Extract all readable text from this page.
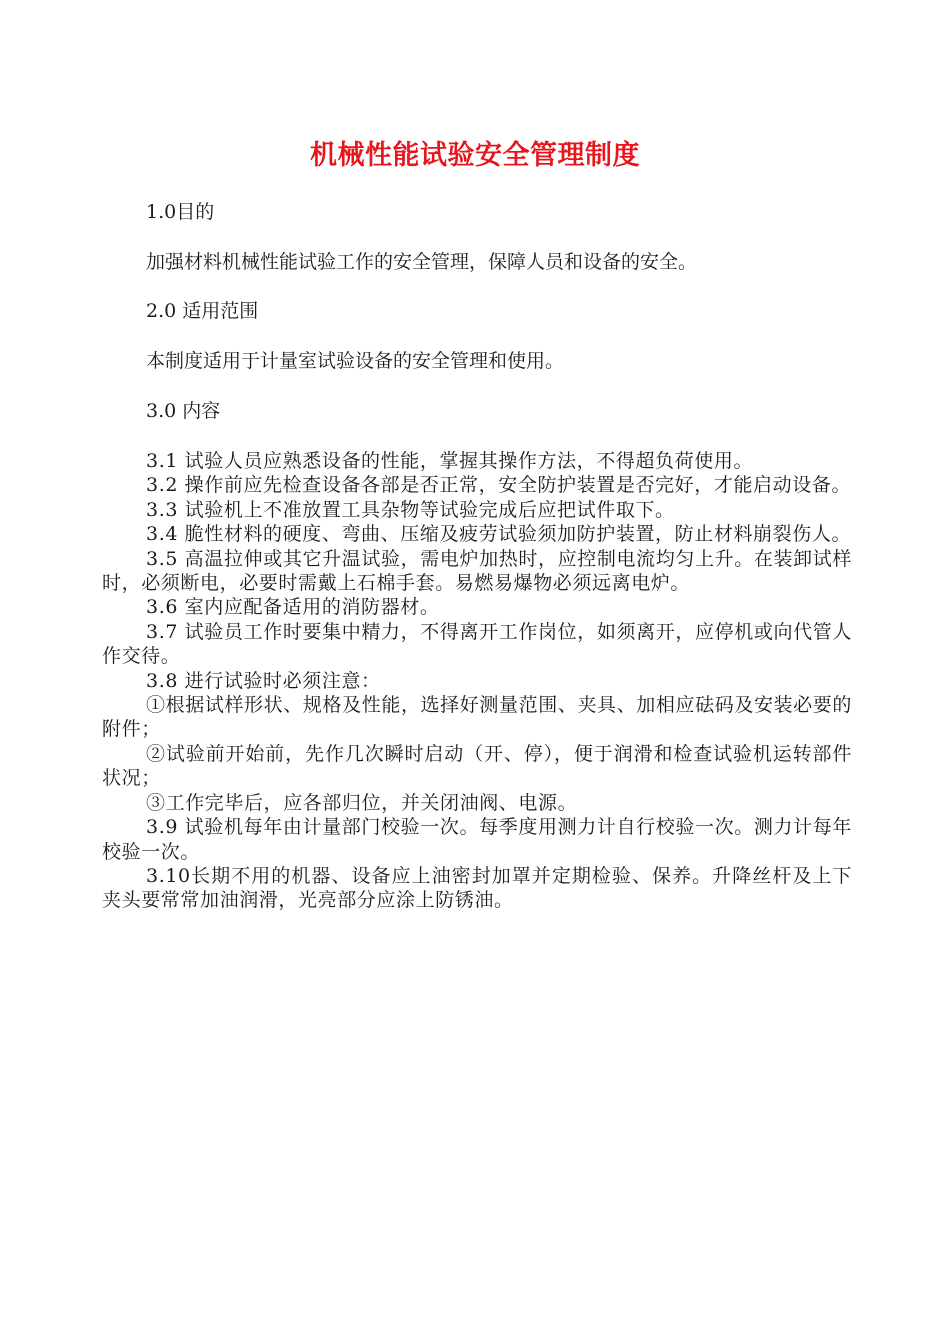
机械性能试验安全管理制度

1.0目的

加强材料机械性能试验工作的安全管理，保障人员和设备的安全。

2.0 适用范围

本制度适用于计量室试验设备的安全管理和使用。

3.0 内容

3.1 试验人员应熟悉设备的性能，掌握其操作方法，不得超负荷使用。

3.2 操作前应先检查设备各部是否正常，安全防护装置是否完好，才能启动设备。

3.3 试验机上不准放置工具杂物等试验完成后应把试件取下。

3.4 脆性材料的硬度、弯曲、压缩及疲劳试验须加防护装置，防止材料崩裂伤人。

3.5 高温拉伸或其它升温试验，需电炉加热时，应控制电流均匀上升。在装卸试样时，必须断电，必要时需戴上石棉手套。易燃易爆物必须远离电炉。

3.6 室内应配备适用的消防器材。

3.7 试验员工作时要集中精力，不得离开工作岗位，如须离开，应停机或向代管人作交待。

3.8 进行试验时必须注意：

①根据试样形状、规格及性能，选择好测量范围、夹具、加相应砝码及安装必要的附件；

②试验前开始前，先作几次瞬时启动（开、停），便于润滑和检查试验机运转部件状况；

③工作完毕后，应各部归位，并关闭油阀、电源。

3.9 试验机每年由计量部门校验一次。每季度用测力计自行校验一次。测力计每年校验一次。

3.10长期不用的机器、设备应上油密封加罩并定期检验、保养。升降丝杆及上下夹头要常常加油润滑，光亮部分应涂上防锈油。
